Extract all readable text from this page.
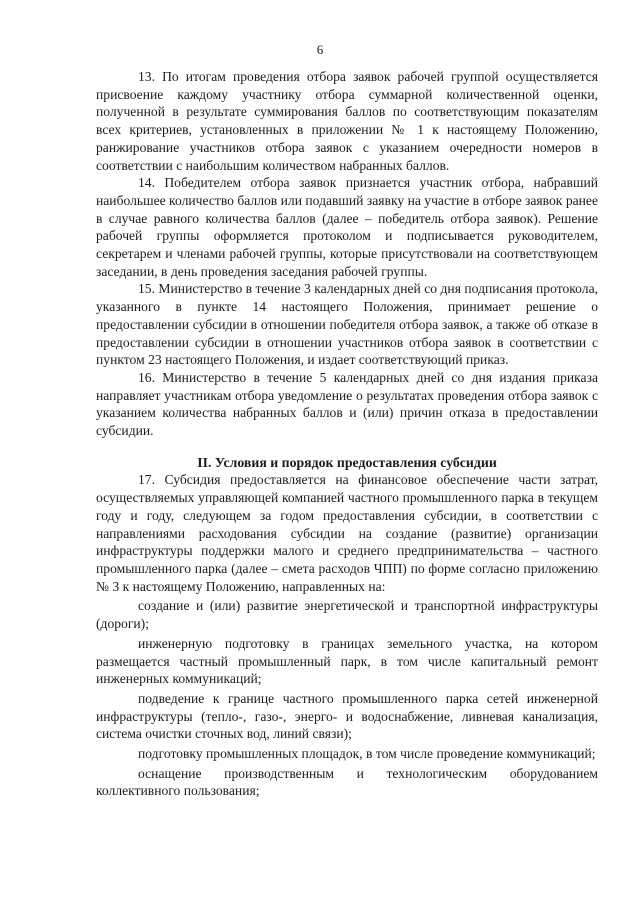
6

13. По итогам проведения отбора заявок рабочей группой осуществляется присвоение каждому участнику отбора суммарной количественной оценки, полученной в результате суммирования баллов по соответствующим показателям всех критериев, установленных в приложении № 1 к настоящему Положению, ранжирование участников отбора заявок с указанием очередности номеров в соответствии с наибольшим количеством набранных баллов.

14. Победителем отбора заявок признается участник отбора, набравший наибольшее количество баллов или подавший заявку на участие в отборе заявок ранее в случае равного количества баллов (далее – победитель отбора заявок). Решение рабочей группы оформляется протоколом и подписывается руководителем, секретарем и членами рабочей группы, которые присутствовали на соответствующем заседании, в день проведения заседания рабочей группы.

15. Министерство в течение 3 календарных дней со дня подписания протокола, указанного в пункте 14 настоящего Положения, принимает решение о предоставлении субсидии в отношении победителя отбора заявок, а также об отказе в предоставлении субсидии в отношении участников отбора заявок в соответствии с пунктом 23 настоящего Положения, и издает соответствующий приказ.

16. Министерство в течение 5 календарных дней со дня издания приказа направляет участникам отбора уведомление о результатах проведения отбора заявок с указанием количества набранных баллов и (или) причин отказа в предоставлении субсидии.

II. Условия и порядок предоставления субсидии

17. Субсидия предоставляется на финансовое обеспечение части затрат, осуществляемых управляющей компанией частного промышленного парка в текущем году и году, следующем за годом предоставления субсидии, в соответствии с направлениями расходования субсидии на создание (развитие) организации инфраструктуры поддержки малого и среднего предпринимательства – частного промышленного парка (далее – смета расходов ЧПП) по форме согласно приложению № 3 к настоящему Положению, направленных на:

создание и (или) развитие энергетической и транспортной инфраструктуры (дороги);

инженерную подготовку в границах земельного участка, на котором размещается частный промышленный парк, в том числе капитальный ремонт инженерных коммуникаций;

подведение к границе частного промышленного парка сетей инженерной инфраструктуры (тепло-, газо-, энерго- и водоснабжение, ливневая канализация, система очистки сточных вод, линий связи);

подготовку промышленных площадок, в том числе проведение коммуникаций;

оснащение производственным и технологическим оборудованием коллективного пользования;
